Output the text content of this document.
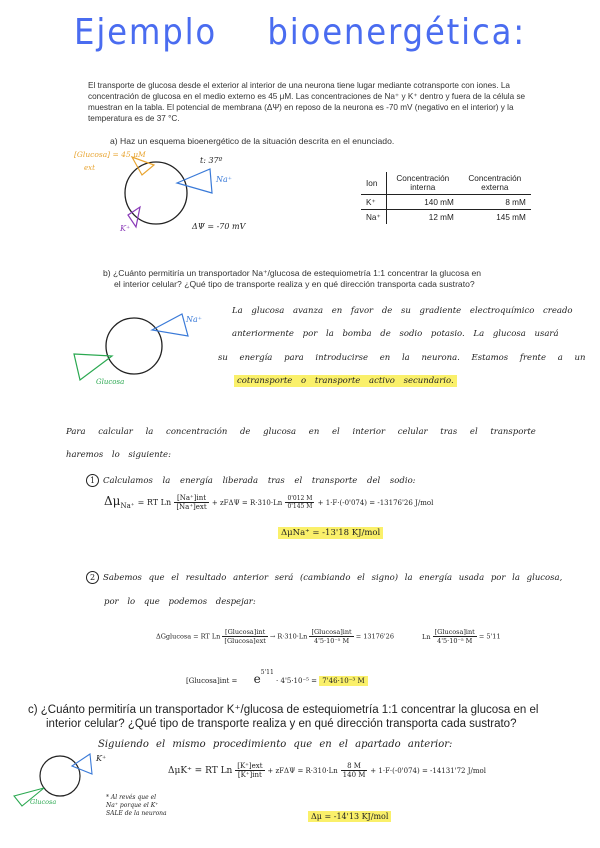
Ejemplo bioenergética:
El transporte de glucosa desde el exterior al interior de una neurona tiene lugar mediante cotransporte con iones. La concentración de glucosa en el medio externo es 45 μM. Las concentraciones de Na⁺ y K⁺ dentro y fuera de la célula se muestran en la tabla. El potencial de membrana (ΔΨ) en reposo de la neurona es -70 mV (negativo en el interior) y la temperatura es de 37 °C.
a) Haz un esquema bioenergético de la situación descrita en el enunciado.
[Glucosa] = 45 μM
ext
t: 37º
Na⁺
K⁺	ΔΨ = -70 mV
Ion	Concentración interna	Concentración externa
K⁺	140 mM	8 mM
Na⁺	12 mM	145 mM
b) ¿Cuánto permitiría un transportador Na⁺/glucosa de estequiometría 1:1 concentrar la glucosa en
el interior celular? ¿Qué tipo de transporte realiza y en qué dirección transporta cada sustrato?
Na⁺
Glucosa
La glucosa avanza en favor de su gradiente electroquímico creado
anteriormente por la bomba de sodio potasio. La glucosa usará
su energía para introducirse en la neurona. Estamos frente a un
cotransporte o transporte activo secundario.
Para calcular la concentración de glucosa en el interior celular tras el transporte
haremos lo siguiente:
1 Calculamos la energía liberada tras el transporte del sodio:
$\Delta\mu_{Na^+}$ = RT Ln $\frac{\text{[Na⁺]int}}{\text{[Na⁺]ext}} + zF\Delta\Psi = R\cdot 310\cdot Ln \frac{0'012 M}{0'145 M} + 1\cdot F\cdot(-0'074) = -13176'26$ J/mol
ΔμNa⁺ = -13'18 KJ/mol
2 Sabemos que el resultado anterior será (cambiando el signo) la energía usada por la glucosa,
por lo que podemos despejar:
ΔGglucosa = RT Ln $\frac{\text{[Glucosa]int}}{\text{[Glucosa]ext}} \to R\cdot 310\cdot Ln \frac{\text{[Glucosa]int}}{\text{4'5·10⁻⁵ M}} = 13176'26$	Ln $\frac{\text{[Glucosa]int}}{\text{4'5·10⁻⁵ M}} = 5'11$
$[Glucosa]int = e^{5'11} \cdot 4'5\cdot 10^{-5} = 7'46\cdot 10^{-3}$ M
c) ¿Cuánto permitiría un transportador K⁺/glucosa de estequiometría 1:1 concentrar la glucosa en el
interior celular? ¿Qué tipo de transporte realiza y en qué dirección transporta cada sustrato?
K⁺
Glucosa
Siguiendo el mismo procedimiento que en el apartado anterior:
ΔμK⁺ = RT Ln $\frac{\text{[K⁺]ext}}{\text{[K⁺]int}} + zF\Delta\Psi = R\cdot 310\cdot Ln \frac{8 M}{140 M} + 1\cdot F\cdot(-0'074) = -14131'72$ J/mol
* Al revés que el
Na⁺ porque el K⁺
SALE de la neurona	Δμ = -14'13 KJ/mol
